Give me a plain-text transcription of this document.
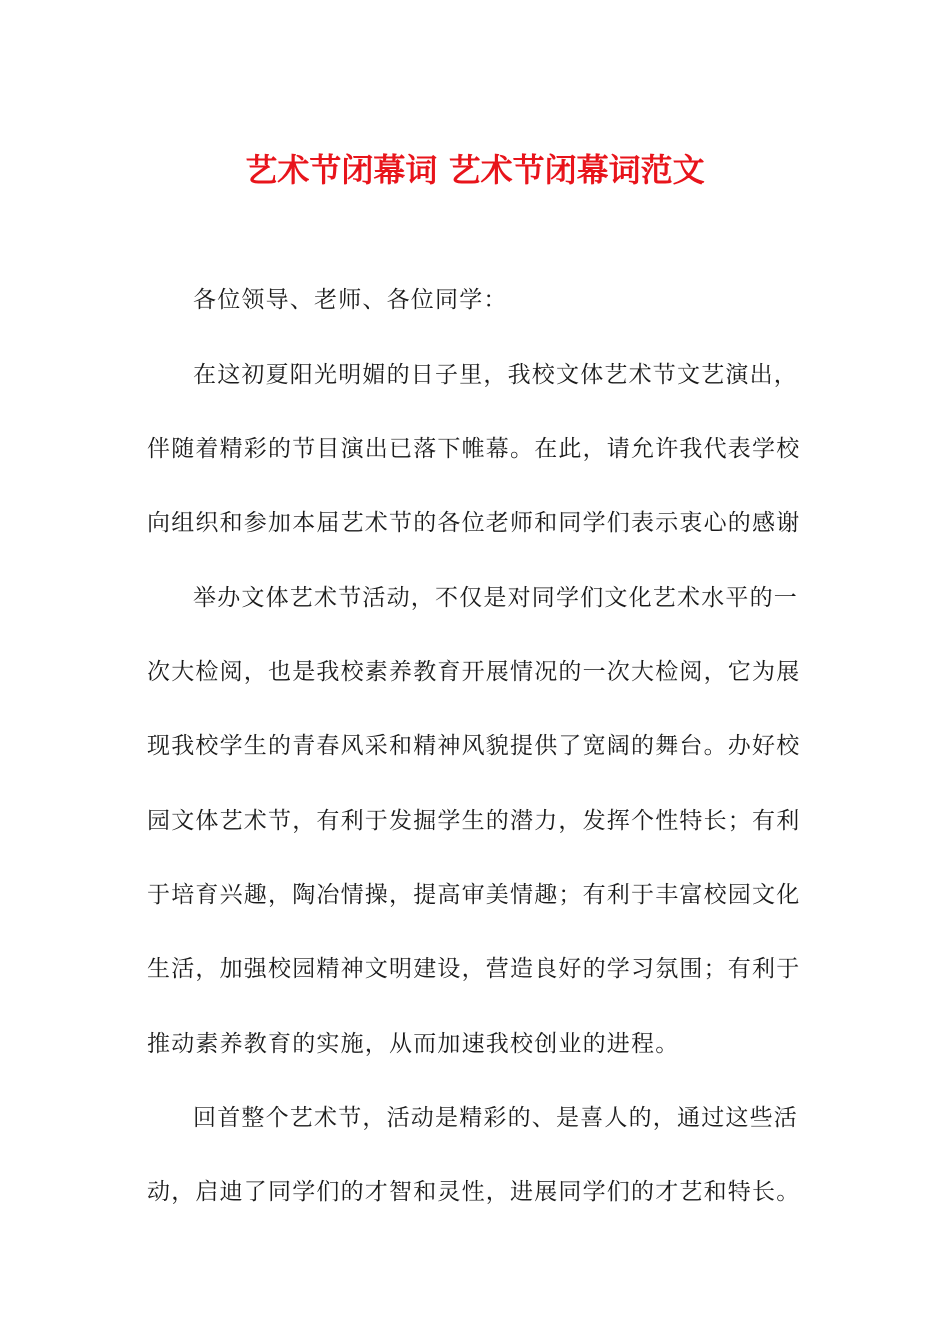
艺术节闭幕词 艺术节闭幕词范文

各位领导、老师、各位同学：

在这初夏阳光明媚的日子里，我校文体艺术节文艺演出，

伴随着精彩的节目演出已落下帷幕。在此，请允许我代表学校

向组织和参加本届艺术节的各位老师和同学们表示衷心的感谢

举办文体艺术节活动，不仅是对同学们文化艺术水平的一

次大检阅，也是我校素养教育开展情况的一次大检阅，它为展

现我校学生的青春风采和精神风貌提供了宽阔的舞台。办好校

园文体艺术节，有利于发掘学生的潜力，发挥个性特长；有利

于培育兴趣，陶冶情操，提高审美情趣；有利于丰富校园文化

生活，加强校园精神文明建设，营造良好的学习氛围；有利于

推动素养教育的实施，从而加速我校创业的进程。

回首整个艺术节，活动是精彩的、是喜人的，通过这些活

动，启迪了同学们的才智和灵性，进展同学们的才艺和特长。
